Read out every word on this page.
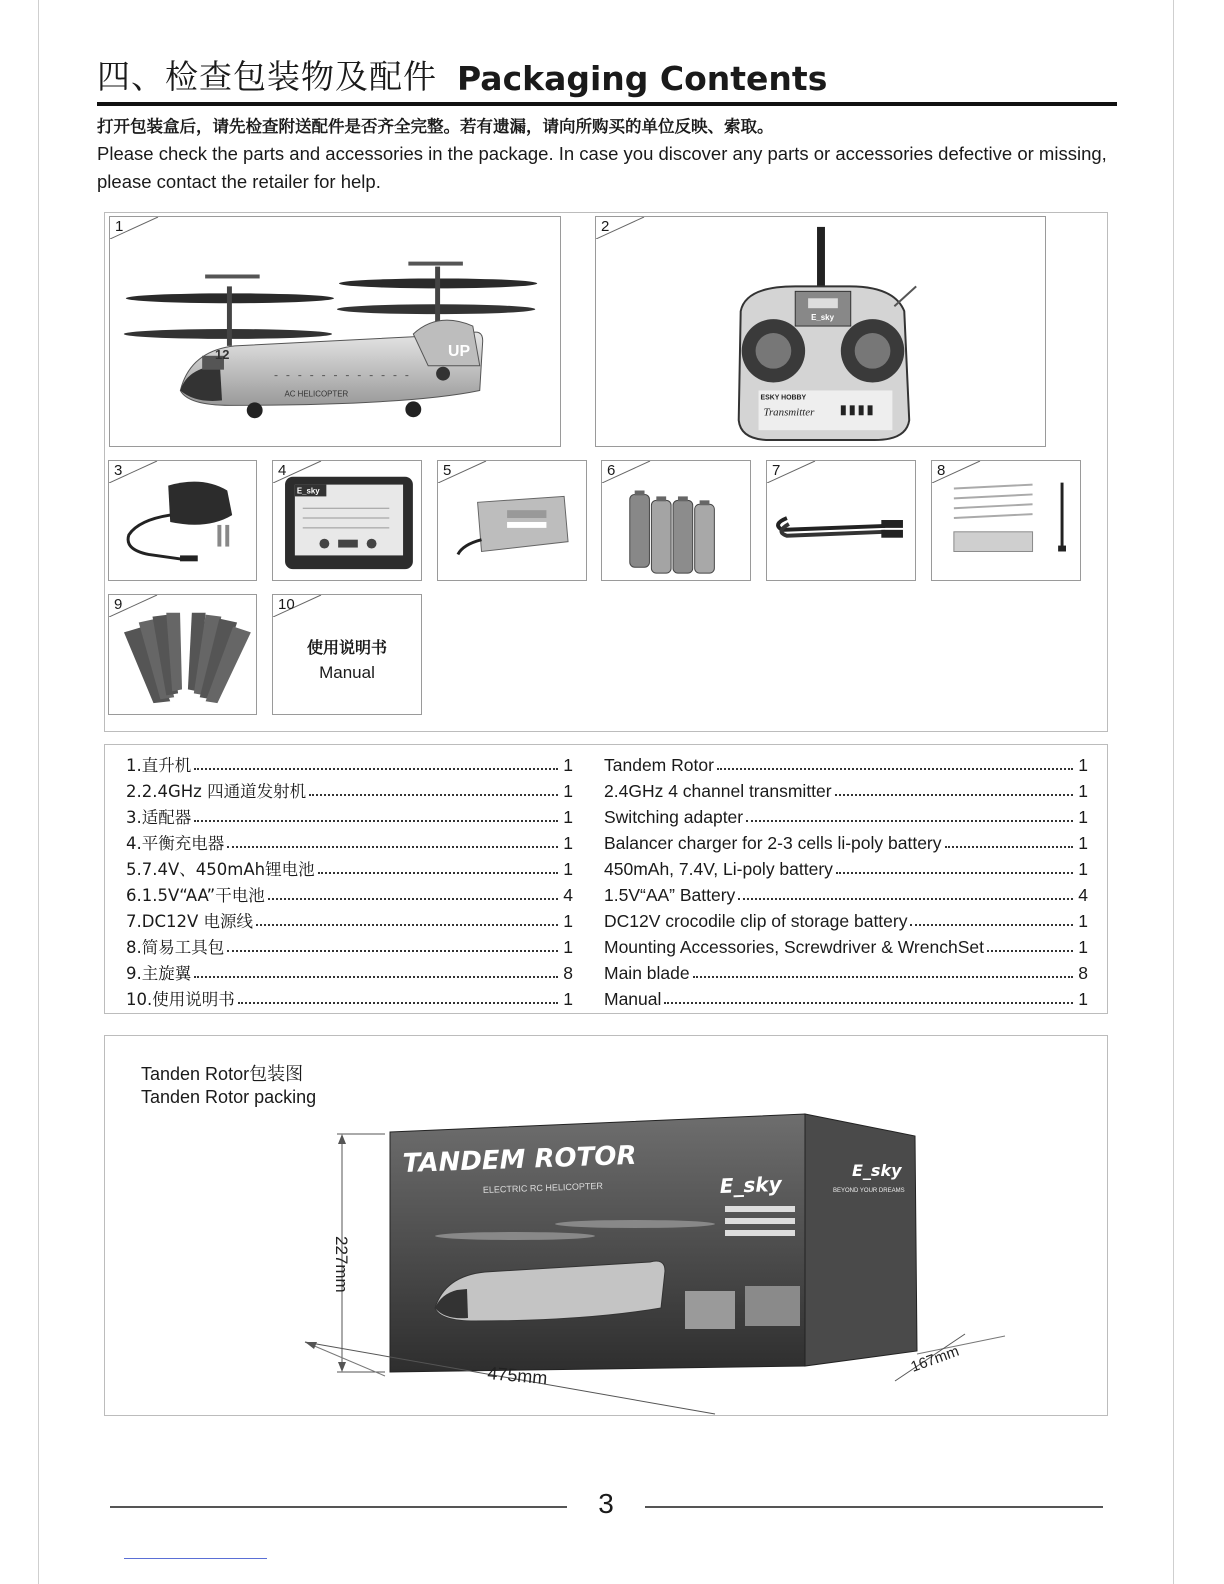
四、检查包装物及配件 Packaging Contents
打开包装盒后，请先检查附送配件是否齐全完整。若有遗漏，请向所购买的单位反映、索取。
Please check the parts and accessories in the package. In case you discover any parts or accessories defective or missing, please contact the retailer for help.
1
12	UP
AC HELICOPTER
2
E_sky
ESKY HOBBY
Transmitter
3	4
E_sky
5	6	7	8
9	10
使用说明书
Manual
1.直升机	1
2.2.4GHz 四通道发射机	1
3.适配器	1
4.平衡充电器	1
5.7.4V、450mAh锂电池	1
6.1.5V“AA”干电池	4
7.DC12V 电源线	1
8.简易工具包	1
9.主旋翼	8
10.使用说明书	1
Tandem Rotor	1
2.4GHz 4 channel transmitter	1
Switching adapter	1
Balancer charger for 2-3 cells li-poly battery	1
450mAh, 7.4V, Li-poly battery	1
1.5V“AA” Battery	4
DC12V crocodile clip of storage battery	1
Mounting Accessories, Screwdriver & WrenchSet	1
Main blade	8
Manual	1
Tanden Rotor包装图
Tanden Rotor packing
TANDEM ROTOR
ELECTRIC RC HELICOPTER	E_sky
E_sky
BEYOND YOUR DREAMS
227mm
475mm	167mm
3
